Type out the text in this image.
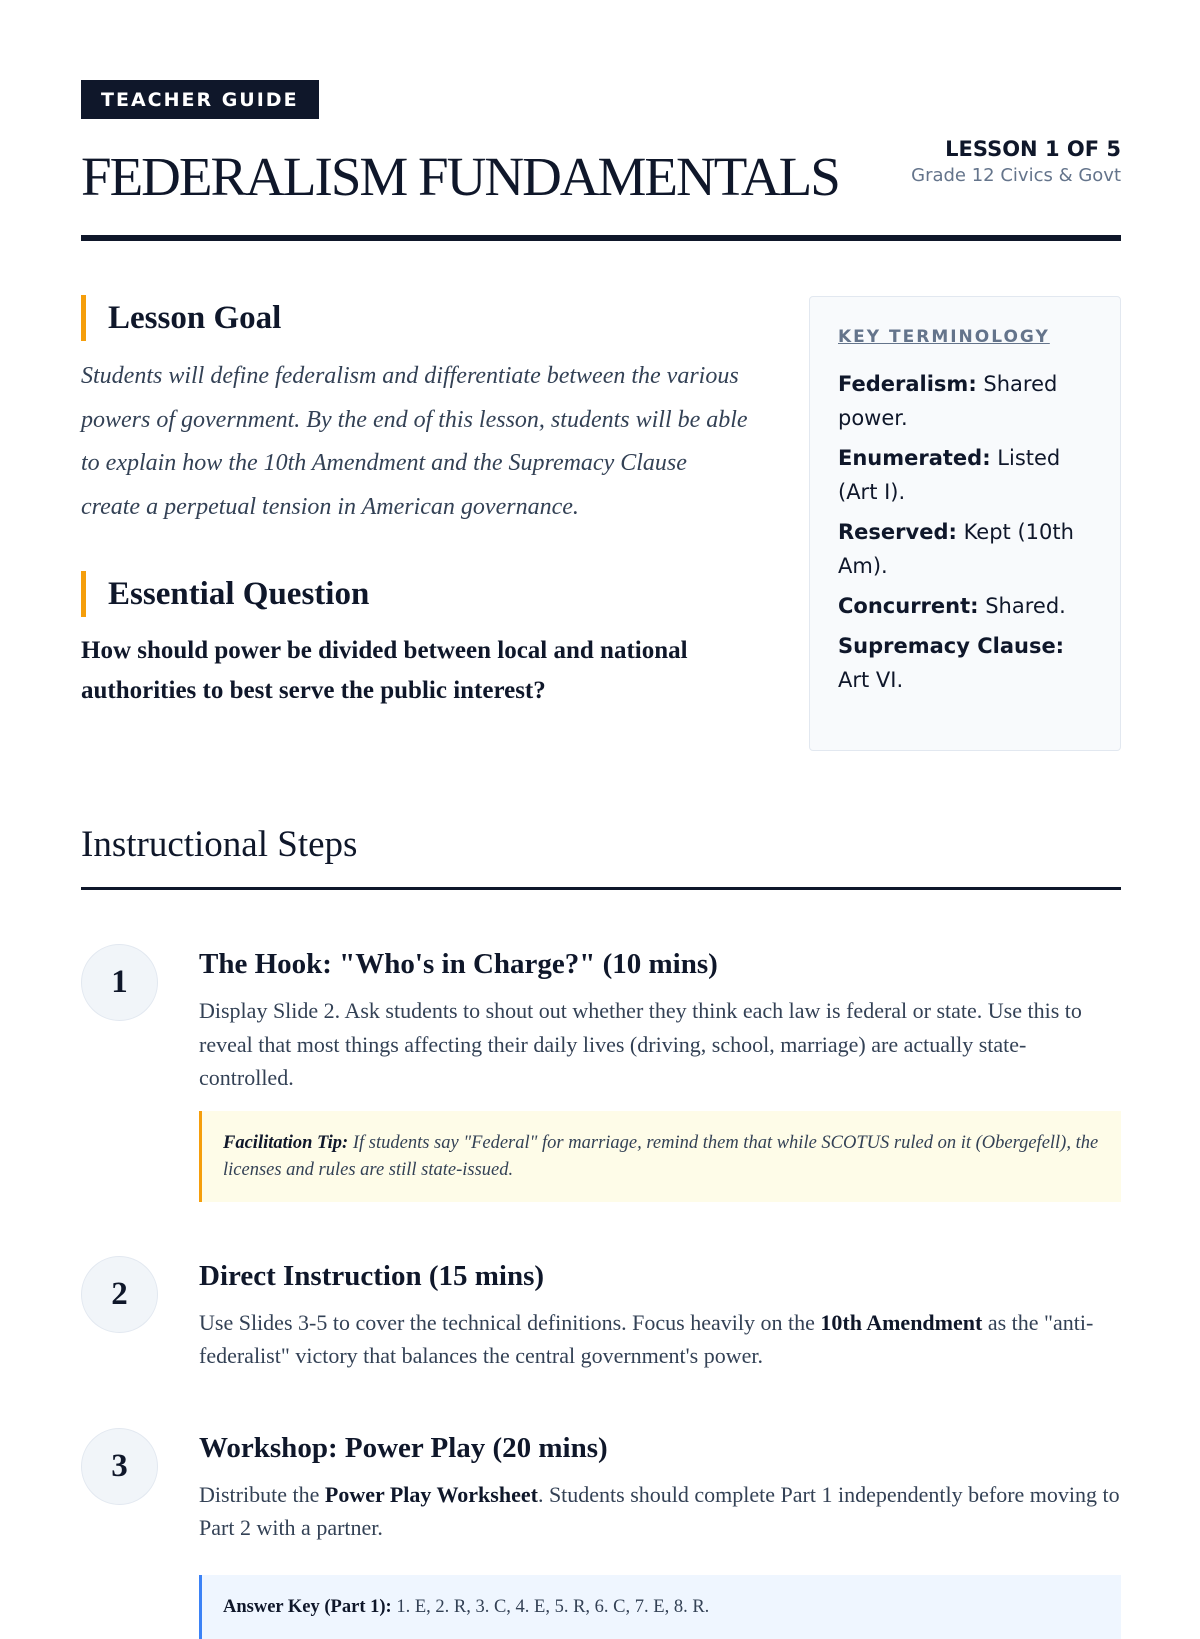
TEACHER GUIDE
FEDERALISM FUNDAMENTALS	LESSON 1 OF 5
Grade 12 Civics & Govt
Lesson Goal

Students will define federalism and differentiate between the various powers of government. By the end of this lesson, students will be able to explain how the 10th Amendment and the Supremacy Clause create a perpetual tension in American governance.

Essential Question

How should power be divided between local and national authorities to best serve the public interest?

KEY TERMINOLOGY
Federalism: Shared power.
Enumerated: Listed (Art I).
Reserved: Kept (10th Am).
Concurrent: Shared.
Supremacy Clause: Art VI.
Instructional Steps
1	The Hook: "Who's in Charge?" (10 mins)

Display Slide 2. Ask students to shout out whether they think each law is federal or state. Use this to reveal that most things affecting their daily lives (driving, school, marriage) are actually state-controlled.

Facilitation Tip: If students say "Federal" for marriage, remind them that while SCOTUS ruled on it (Obergefell), the licenses and rules are still state-issued.
2	Direct Instruction (15 mins)

Use Slides 3-5 to cover the technical definitions. Focus heavily on the 10th Amendment as the "anti-federalist" victory that balances the central government's power.

3	Workshop: Power Play (20 mins)

Distribute the Power Play Worksheet. Students should complete Part 1 independently before moving to Part 2 with a partner.

Answer Key (Part 1): 1. E, 2. R, 3. C, 4. E, 5. R, 6. C, 7. E, 8. R.
